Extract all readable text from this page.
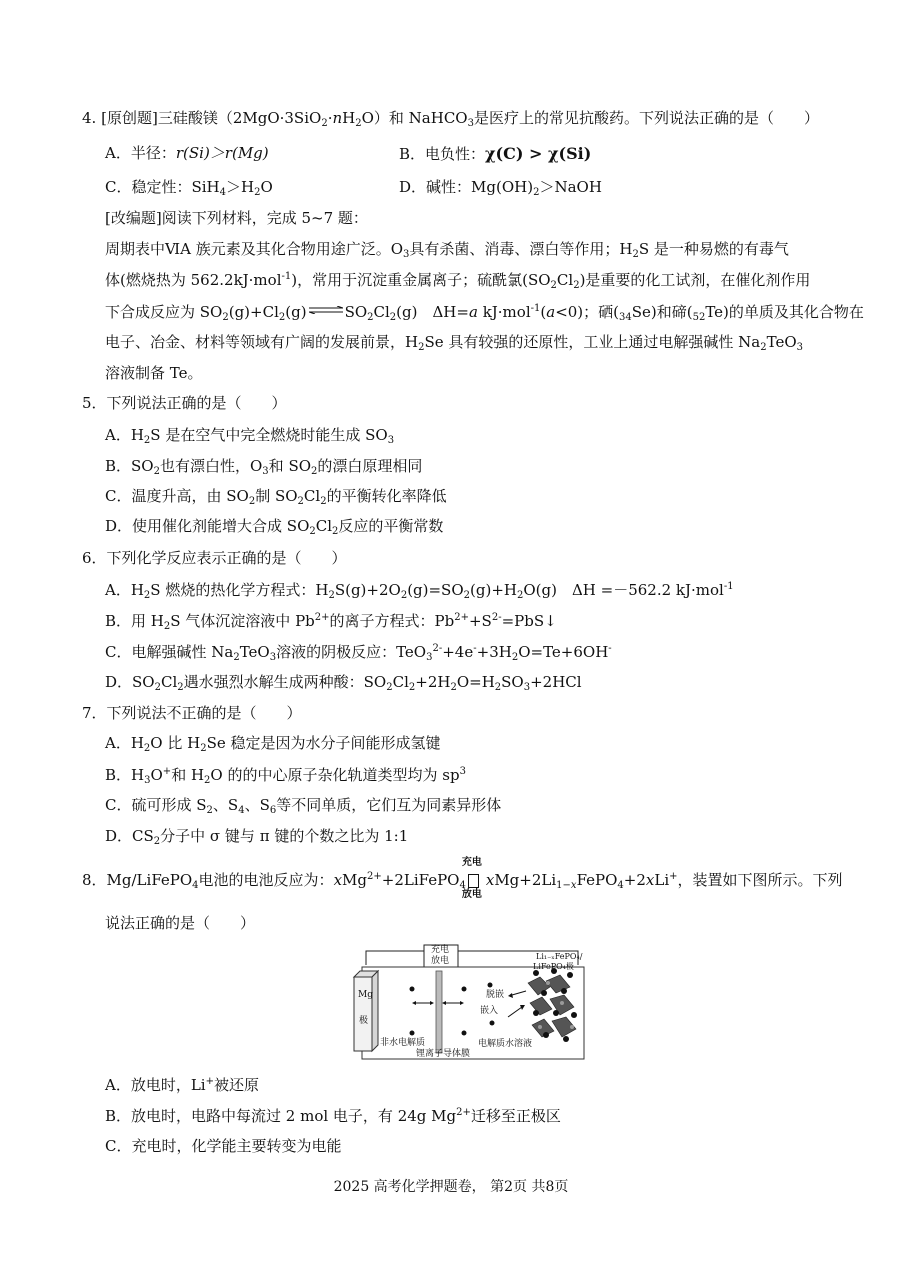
4. [原创题]三硅酸镁$(2MgO\cdot 3SiO_2\cdot nH_2O)$和 NaHCO$_3$是医疗上的常见抗酸药。下列说法正确的是（　　）
A．半径：r(Si)＞r(Mg)	B．电负性：χ(C) > χ(Si)
C．稳定性：$SiH_4>H_2O$	D．碱性：$Mg(OH)_2>NaOH$
[改编题]阅读下列材料，完成 5~7 题：
周期表中ⅥA 族元素及其化合物用途广泛。$O_3$具有杀菌、消毒、漂白等作用；$H_2S$ 是一种易燃的有毒气
体(燃烧热为 562.2kJ·mol$^{-1}$)，常用于沉淀重金属离子；硫酰氯$(SO_2Cl_2)$是重要的化工试剂，在催化剂作用
下合成反应为 $SO_2(g)+Cl_2(g)$ ⇌ $SO_2Cl_2(g)$　ΔH=a kJ·mol$^{-1}$(a<0)；硒$(_{34}Se)$和碲$(_{52}Te)$的单质及其化合物在
电子、冶金、材料等领域有广阔的发展前景，$H_2Se$ 具有较强的还原性，工业上通过电解强碱性 $Na_2TeO_3$
溶液制备 Te。
5．下列说法正确的是（　　）
A．$H_2S$ 是在空气中完全燃烧时能生成 $SO_3$
B．$SO_2$也有漂白性，$O_3$和 $SO_2$的漂白原理相同
C．温度升高，由 $SO_2$制 $SO_2Cl_2$的平衡转化率降低
D．使用催化剂能增大合成 $SO_2Cl_2$反应的平衡常数
6．下列化学反应表示正确的是（　　）
A．$H_2S$ 燃烧的热化学方程式：$H_2S(g)+2O_2(g)=SO_2(g)+H_2O(g)$　ΔH =－562.2 kJ·mol$^{-1}$
B．用 $H_2S$ 气体沉淀溶液中 $Pb^{2+}$的离子方程式：$Pb^{2+}+S^{2-}=PbS↓$
C．电解强碱性 $Na_2TeO_3$溶液的阴极反应：$TeO_3^{2-}+4e^-+3H_2O=Te+6OH^-$
D．$SO_2Cl_2$遇水强烈水解生成两种酸：$SO_2Cl_2+2H_2O=H_2SO_3+2HCl$
7．下列说法不正确的是（　　）
A．$H_2O$ 比 $H_2Se$ 稳定是因为水分子间能形成氢键
B．$H_3O^+$和 $H_2O$ 的的中心原子杂化轨道类型均为 $sp^3$
C．硫可形成 $S_2$、$S_4$、$S_6$等不同单质，它们互为同素异形体
D．$CS_2$分子中 σ 键与 π 键的个数之比为 1:1
8．Mg/LiFePO$_4$电池的电池反应为：xMg$^{2+}$+2LiFePO$_4$
充电
放电
$xMg+2Li_{1-x}FePO_4+2xLi^+$，装置如下图所示。下列
说法正确的是（　　）
充电
放电
Mg
极
Li₁₋ₓFePO₄/
LiFePO₄极
脱嵌
嵌入
非水电解质
锂离子导体膜
电解质水溶液
A．放电时，Li+被还原
B．放电时，电路中每流过 2 mol 电子，有 24g $Mg^{2+}$迁移至正极区
C．充电时，化学能主要转变为电能
2025 高考化学押题卷， 第2页 共8页
